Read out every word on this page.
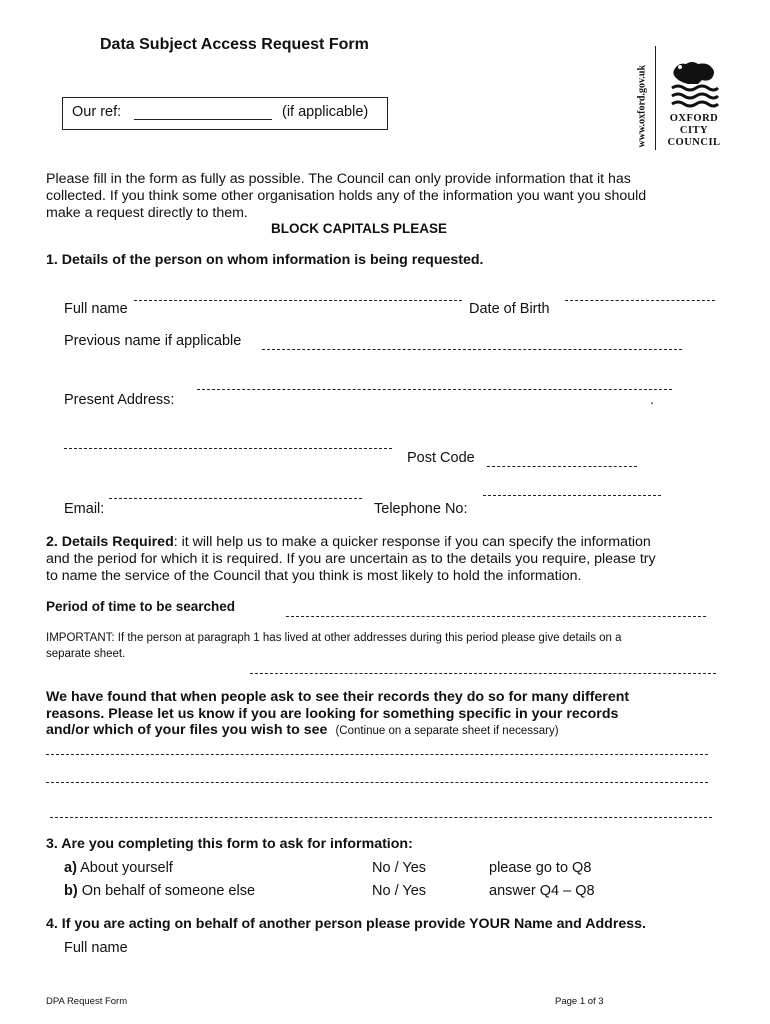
Data Subject Access Request Form
Our ref:	(if applicable)	www.oxford.gov.uk	OXFORD
CITY
COUNCIL
Please fill in the form as fully as possible. The Council can only provide information that it has
collected. If you think some other organisation holds any of the information you want you should
make a request directly to them.
BLOCK CAPITALS PLEASE
1. Details of the person on whom information is being requested.
Full name	Date of Birth
Previous name if applicable
Present Address:	.
Post Code
Email:	Telephone No:
2. Details Required: it will help us to make a quicker response if you can specify the information
and the period for which it is required. If you are uncertain as to the details you require, please try
to name the service of the Council that you think is most likely to hold the information.
Period of time to be searched
IMPORTANT: If the person at paragraph 1 has lived at other addresses during this period please give details on a
separate sheet.
We have found that when people ask to see their records they do so for many different
reasons. Please let us know if you are looking for something specific in your records
and/or which of your files you wish to see (Continue on a separate sheet if necessary)
3. Are you completing this form to ask for information:
a) About yourself	No / Yes	please go to Q8
b) On behalf of someone else	No / Yes	answer Q4 – Q8
4. If you are acting on behalf of another person please provide YOUR Name and Address.
Full name
DPA Request Form	Page 1 of 3
